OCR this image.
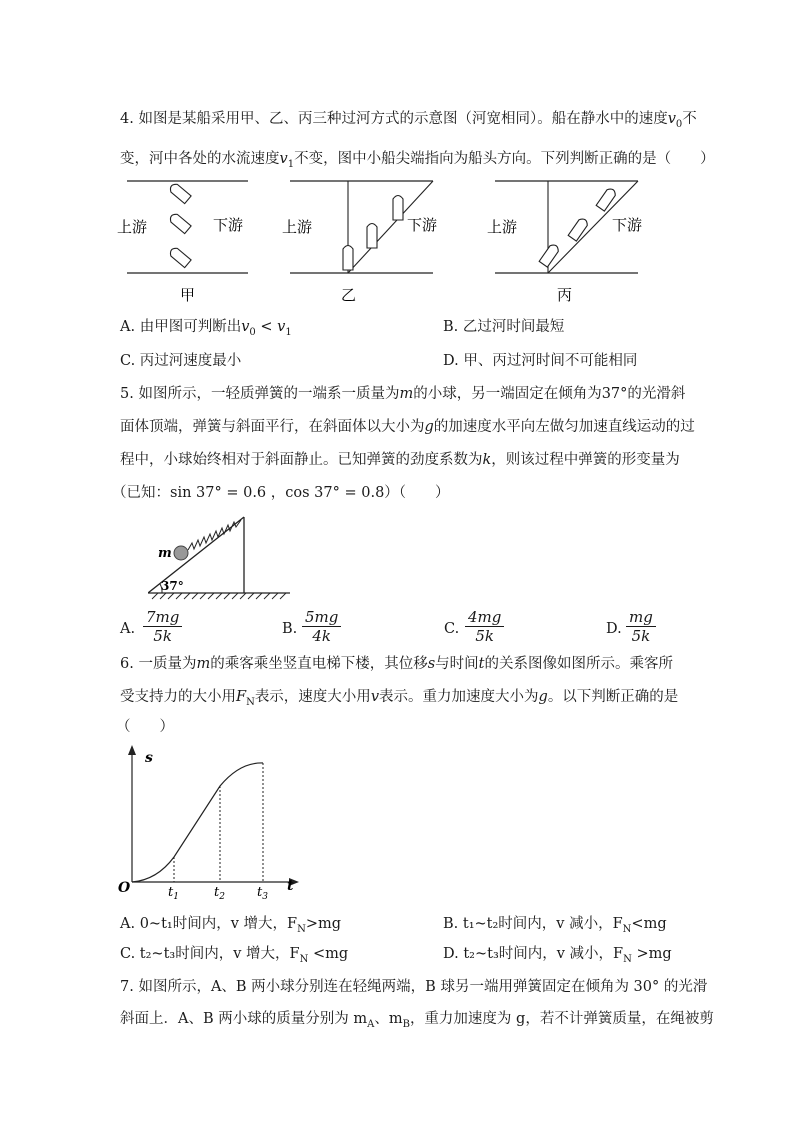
4. 如图是某船采用甲、乙、丙三种过河方式的示意图（河宽相同）。船在静水中的速度$v_0$不
变，河中各处的水流速度$v_1$不变，图中小船尖端指向为船头方向。下列判断正确的是（　　）
上游	下游
甲
上游	下游
乙
上游	下游
丙
A. 由甲图可判断出$v_0 < v_1$	B. 乙过河时间最短
C. 丙过河速度最小	D. 甲、丙过河时间不可能相同
5. 如图所示，一轻质弹簧的一端系一质量为m的小球，另一端固定在倾角为37°的光滑斜
面体顶端，弹簧与斜面平行，在斜面体以大小为g的加速度水平向左做匀加速直线运动的过
程中，小球始终相对于斜面静止。已知弹簧的劲度系数为k，则该过程中弹簧的形变量为
（已知：sin 37° = 0.6 ，cos 37° = 0.8）（　　）
m
37°
A. $\frac{7mg}{5k}$	B. $\frac{5mg}{4k}$	C. $\frac{4mg}{5k}$	D. $\frac{mg}{5k}$
6. 一质量为m的乘客乘坐竖直电梯下楼，其位移s与时间t的关系图像如图所示。乘客所
受支持力的大小用$F_N$表示，速度大小用v表示。重力加速度大小为g。以下判断正确的是
（　　）
s
t
O	$t_1$	$t_2$ $t_3$
A. 0~t₁时间内，v 增大，$F_N>mg$	B. t₁~t₂时间内，v 减小，$F_N<mg$
C. t₂~t₃时间内，v 增大，$F_N <mg$	D. t₂~t₃时间内，v 减小，$F_N >mg$
7. 如图所示，A、B 两小球分别连在轻绳两端，B 球另一端用弹簧固定在倾角为 30° 的光滑
斜面上．A、B 两小球的质量分别为 $m_A$、$m_B$，重力加速度为 g，若不计弹簧质量，在绳被剪
